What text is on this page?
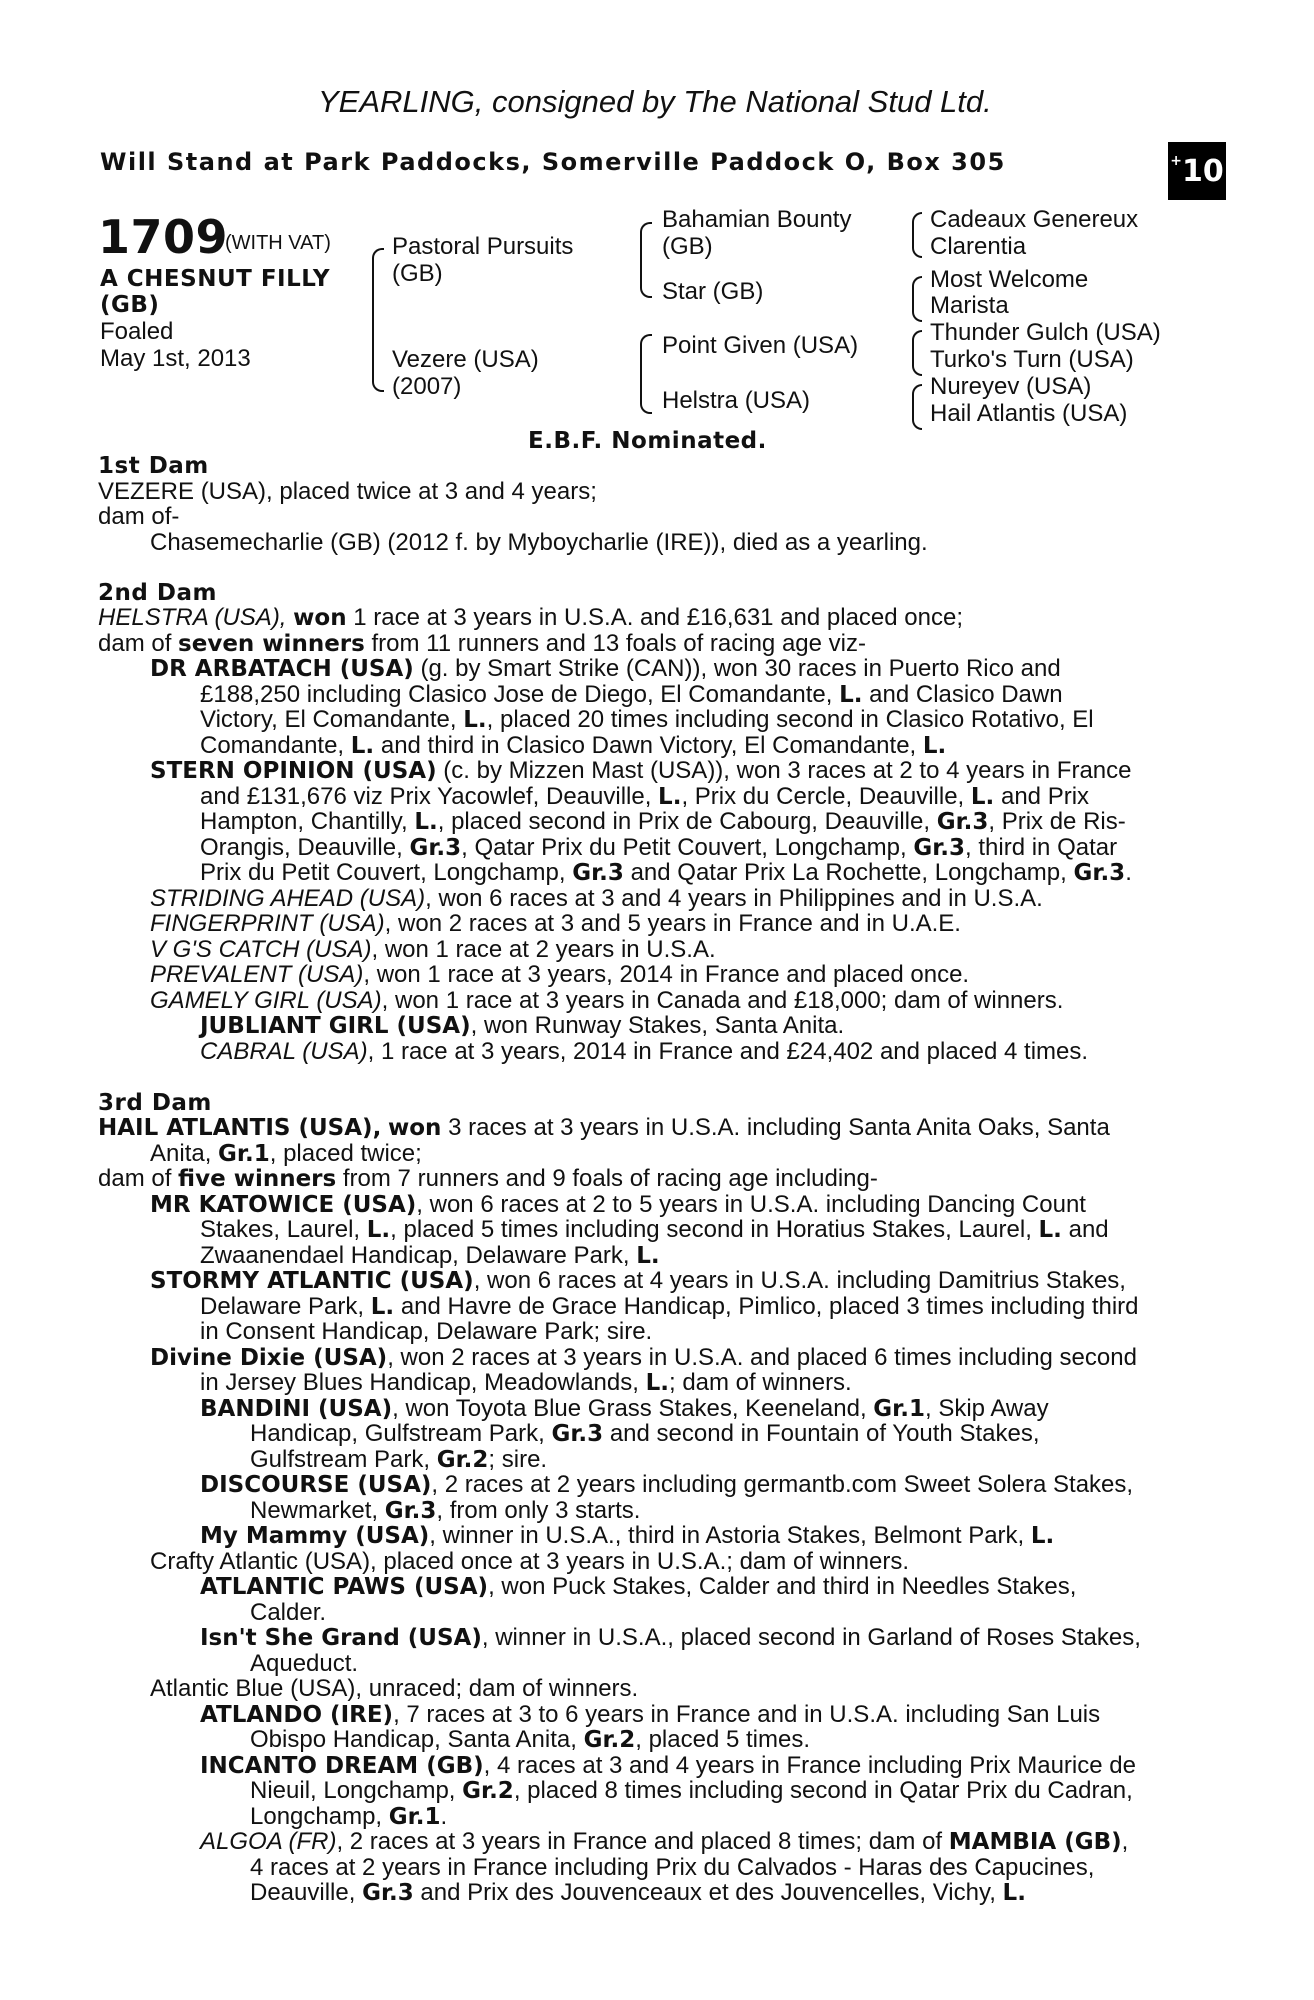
YEARLING, consigned by The National Stud Ltd.
Will Stand at Park Paddocks, Somerville Paddock O, Box 305	+ 10
1709
(WITH VAT)
A CHESNUT FILLY
(GB)
Foaled
May 1st, 2013
Pastoral Pursuits
(GB)
Vezere (USA)
(2007)
Bahamian Bounty
(GB)
Star (GB)
Point Given (USA)
Helstra (USA)
Cadeaux Genereux
Clarentia
Most Welcome
Marista
Thunder Gulch (USA)
Turko's Turn (USA)
Nureyev (USA)
Hail Atlantis (USA)
E.B.F. Nominated.
1st Dam
VEZERE (USA), placed twice at 3 and 4 years;
dam of-
Chasemecharlie (GB) (2012 f. by Myboycharlie (IRE)), died as a yearling.
2nd Dam
HELSTRA (USA), won 1 race at 3 years in U.S.A. and £16,631 and placed once;
dam of seven winners from 11 runners and 13 foals of racing age viz-
DR ARBATACH (USA) (g. by Smart Strike (CAN)), won 30 races in Puerto Rico and
£188,250 including Clasico Jose de Diego, El Comandante, L. and Clasico Dawn
Victory, El Comandante, L., placed 20 times including second in Clasico Rotativo, El
Comandante, L. and third in Clasico Dawn Victory, El Comandante, L.
STERN OPINION (USA) (c. by Mizzen Mast (USA)), won 3 races at 2 to 4 years in France
and £131,676 viz Prix Yacowlef, Deauville, L., Prix du Cercle, Deauville, L. and Prix
Hampton, Chantilly, L., placed second in Prix de Cabourg, Deauville, Gr.3, Prix de Ris-
Orangis, Deauville, Gr.3, Qatar Prix du Petit Couvert, Longchamp, Gr.3, third in Qatar
Prix du Petit Couvert, Longchamp, Gr.3 and Qatar Prix La Rochette, Longchamp, Gr.3.
STRIDING AHEAD (USA), won 6 races at 3 and 4 years in Philippines and in U.S.A.
FINGERPRINT (USA), won 2 races at 3 and 5 years in France and in U.A.E.
V G'S CATCH (USA), won 1 race at 2 years in U.S.A.
PREVALENT (USA), won 1 race at 3 years, 2014 in France and placed once.
GAMELY GIRL (USA), won 1 race at 3 years in Canada and £18,000; dam of winners.
JUBLIANT GIRL (USA), won Runway Stakes, Santa Anita.
CABRAL (USA), 1 race at 3 years, 2014 in France and £24,402 and placed 4 times.
3rd Dam
HAIL ATLANTIS (USA), won 3 races at 3 years in U.S.A. including Santa Anita Oaks, Santa
Anita, Gr.1, placed twice;
dam of five winners from 7 runners and 9 foals of racing age including-
MR KATOWICE (USA), won 6 races at 2 to 5 years in U.S.A. including Dancing Count
Stakes, Laurel, L., placed 5 times including second in Horatius Stakes, Laurel, L. and
Zwaanendael Handicap, Delaware Park, L.
STORMY ATLANTIC (USA), won 6 races at 4 years in U.S.A. including Damitrius Stakes,
Delaware Park, L. and Havre de Grace Handicap, Pimlico, placed 3 times including third
in Consent Handicap, Delaware Park; sire.
Divine Dixie (USA), won 2 races at 3 years in U.S.A. and placed 6 times including second
in Jersey Blues Handicap, Meadowlands, L.; dam of winners.
BANDINI (USA), won Toyota Blue Grass Stakes, Keeneland, Gr.1, Skip Away
Handicap, Gulfstream Park, Gr.3 and second in Fountain of Youth Stakes,
Gulfstream Park, Gr.2; sire.
DISCOURSE (USA), 2 races at 2 years including germantb.com Sweet Solera Stakes,
Newmarket, Gr.3, from only 3 starts.
My Mammy (USA), winner in U.S.A., third in Astoria Stakes, Belmont Park, L.
Crafty Atlantic (USA), placed once at 3 years in U.S.A.; dam of winners.
ATLANTIC PAWS (USA), won Puck Stakes, Calder and third in Needles Stakes,
Calder.
Isn't She Grand (USA), winner in U.S.A., placed second in Garland of Roses Stakes,
Aqueduct.
Atlantic Blue (USA), unraced; dam of winners.
ATLANDO (IRE), 7 races at 3 to 6 years in France and in U.S.A. including San Luis
Obispo Handicap, Santa Anita, Gr.2, placed 5 times.
INCANTO DREAM (GB), 4 races at 3 and 4 years in France including Prix Maurice de
Nieuil, Longchamp, Gr.2, placed 8 times including second in Qatar Prix du Cadran,
Longchamp, Gr.1.
ALGOA (FR), 2 races at 3 years in France and placed 8 times; dam of MAMBIA (GB),
4 races at 2 years in France including Prix du Calvados - Haras des Capucines,
Deauville, Gr.3 and Prix des Jouvenceaux et des Jouvencelles, Vichy, L.
